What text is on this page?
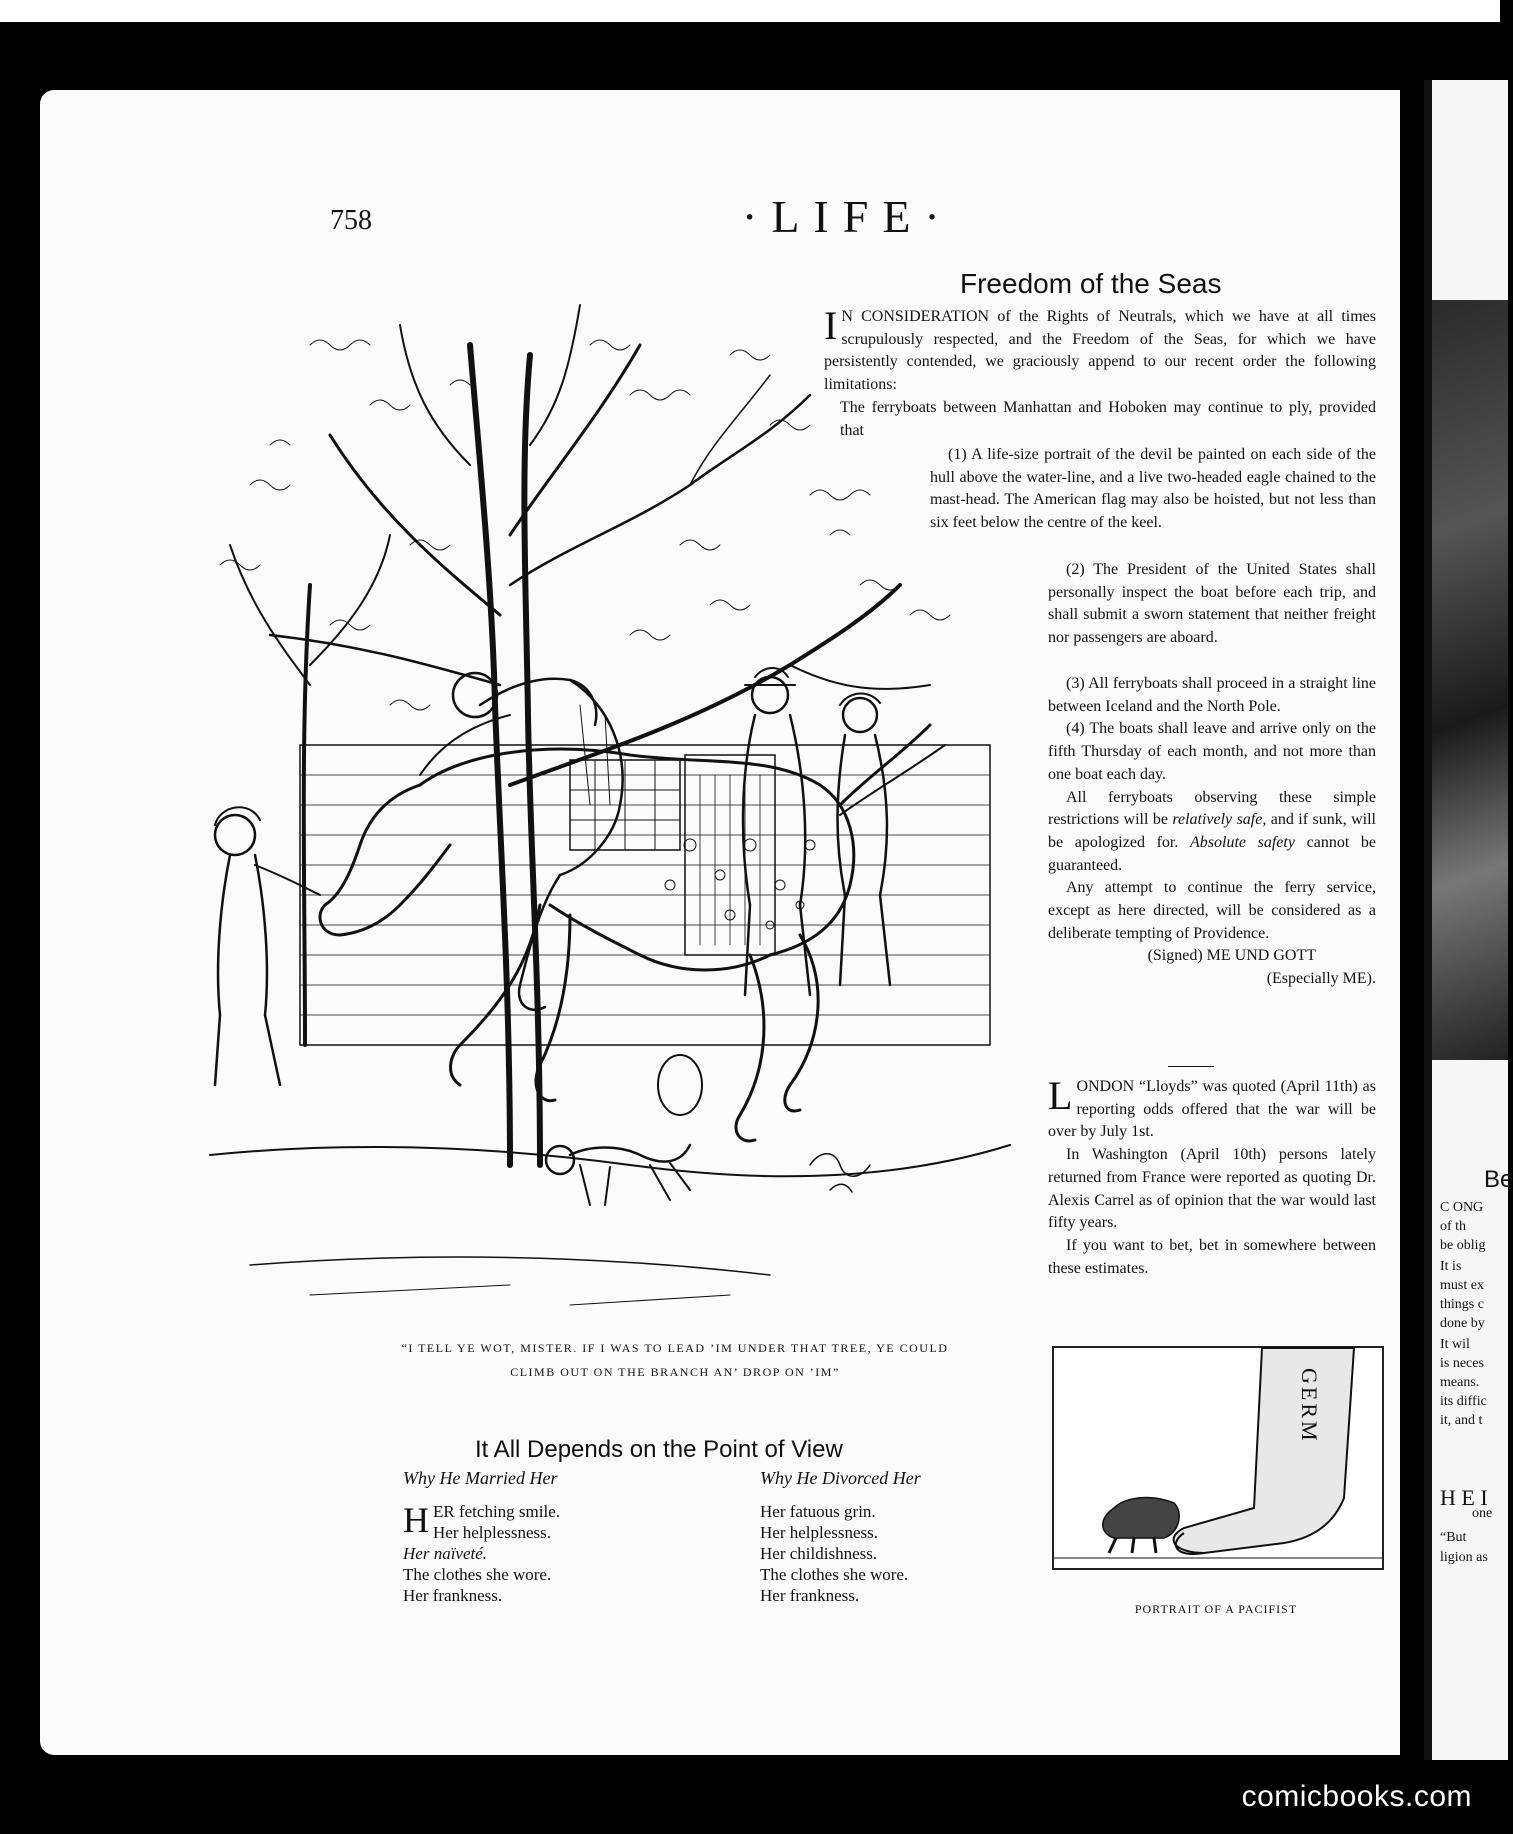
Be
C ONG
of th
be oblig
It is
must ex
things c
done by
It wil
is neces
means.
its diffic
it, and t
H E I
one
“But
ligion as
758	·LIFE·
“I TELL YE WOT, MISTER. IF I WAS TO LEAD ’IM UNDER THAT TREE, YE COULD
CLIMB OUT ON THE BRANCH AN’ DROP ON ’IM”
Freedom of the Seas

I N CONSIDERATION of the Rights of Neutrals, which we have at all times scrupulously respected, and the Freedom of the Seas, for which we have persistently contended, we graciously append to our recent order the following limitations:

The ferryboats between Manhattan and Hoboken may continue to ply, provided that

(1) A life-size portrait of the devil be painted on each side of the hull above the water-line, and a live two-headed eagle chained to the mast-head. The American flag may also be hoisted, but not less than six feet below the centre of the keel.

(2) The President of the United States shall personally inspect the boat before each trip, and shall submit a sworn statement that neither freight nor passengers are aboard.

(3) All ferryboats shall proceed in a straight line between Iceland and the North Pole.

(4) The boats shall leave and arrive only on the fifth Thursday of each month, and not more than one boat each day.

All ferryboats observing these simple restrictions will be relatively safe, and if sunk, will be apologized for. Absolute safety cannot be guaranteed.

Any attempt to continue the ferry service, except as here directed, will be considered as a deliberate tempting of Providence.

(Signed) ME UND GOTT

(Especially ME).

LONDON “Lloyds” was quoted (April 11th) as reporting odds offered that the war will be over by July 1st.

In Washington (April 10th) persons lately returned from France were reported as quoting Dr. Alexis Carrel as of opinion that the war would last fifty years.

If you want to bet, bet in somewhere between these estimates.

GERM
PORTRAIT OF A PACIFIST
It All Depends on the Point of View
Why He Married Her
HER fetching smile.
Her helplessness.
Her naïveté.
The clothes she wore.
Her frankness.
Why He Divorced Her
Her fatuous grin.
Her helplessness.
Her childishness.
The clothes she wore.
Her frankness.
comicbooks.com
